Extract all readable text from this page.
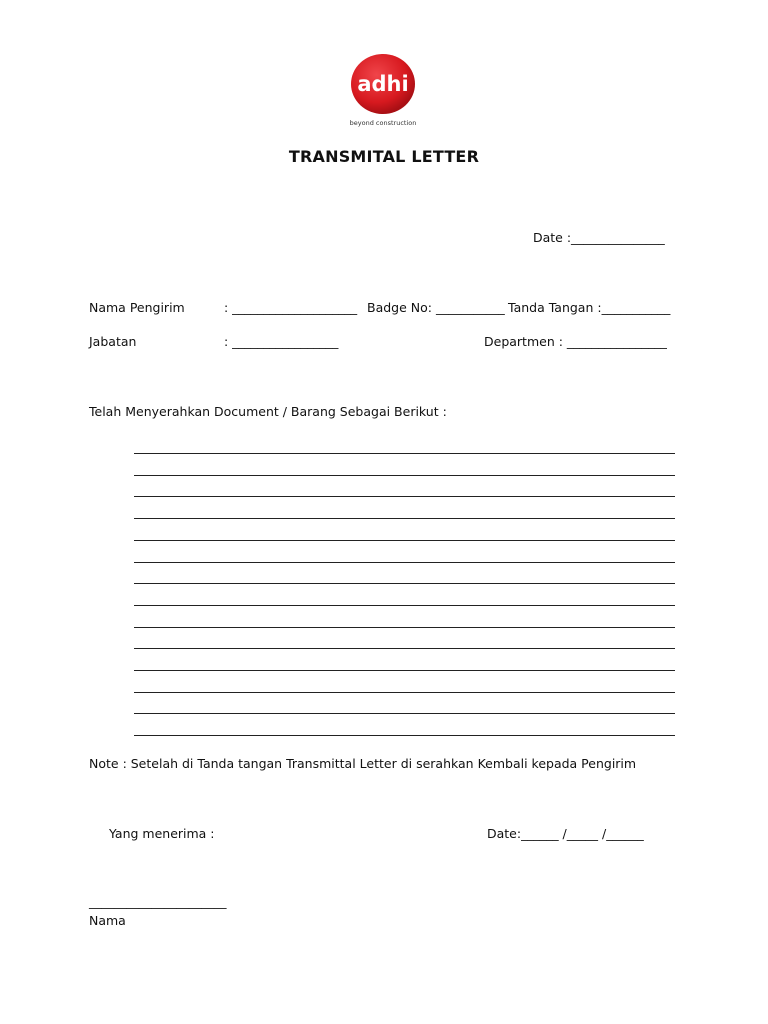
adhi
beyond construction
TRANSMITAL LETTER
Date :_______________
Nama Pengirim	: ____________________ Badge No: ___________ Tanda Tangan :___________
Jabatan	: _________________	Departmen : ________________
Telah Menyerahkan Document / Barang Sebagai Berikut :
Note : Setelah di Tanda tangan Transmittal Letter di serahkan Kembali kepada Pengirim
Yang menerima :	Date:______ /_____ /______
______________________
Nama
